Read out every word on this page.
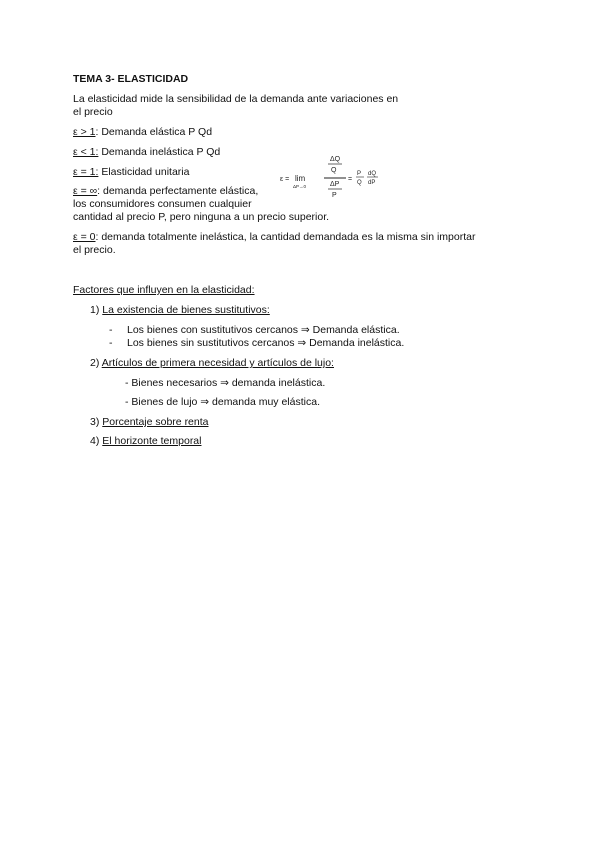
TEMA 3- ELASTICIDAD
La elasticidad mide la sensibilidad de la demanda ante variaciones en
el precio
ε > 1: Demanda elástica P Qd
ε < 1: Demanda inelástica P Qd
ε = 1: Elasticidad unitaria
ε = ∞: demanda perfectamente elástica,
los consumidores consumen cualquier
cantidad al precio P, pero ninguna a un precio superior.
ε = lim
ΔP→0
ΔQ
Q
ΔP
P
=
P
Q
dQ
dP
ε = 0: demanda totalmente inelástica, la cantidad demandada es la misma sin importar
el precio.
Factores que influyen en la elasticidad:
1) La existencia de bienes sustitutivos:
- Los bienes con sustitutivos cercanos ⇒ Demanda elástica.
- Los bienes sin sustitutivos cercanos ⇒ Demanda inelástica.
2) Artículos de primera necesidad y artículos de lujo:
- Bienes necesarios ⇒ demanda inelástica.
- Bienes de lujo ⇒ demanda muy elástica.
3) Porcentaje sobre renta
4) El horizonte temporal
